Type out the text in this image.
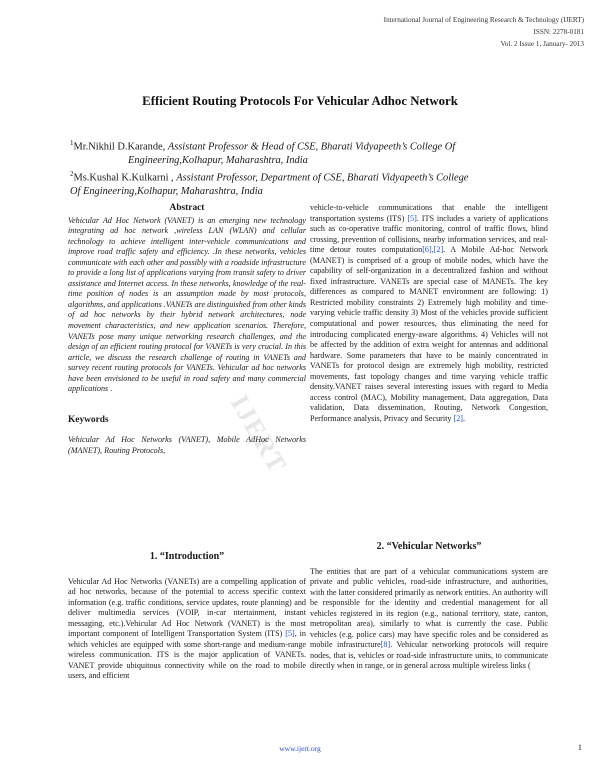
International Journal of Engineering Research & Technology (IJERT)
ISSN: 2278-0181
Vol. 2 Issue 1, January- 2013
Efficient Routing Protocols For Vehicular Adhoc Network
$^1$Mr.Nikhil D.Karande, Assistant Professor & Head of CSE, Bharati Vidyapeeth’s College Of
Engineering,Kolhapur, Maharashtra, India
$^2$Ms.Kushal K.Kulkarni , Assistant Professor, Department of CSE, Bharati Vidyapeeth’s College
Of Engineering,Kolhapur, Maharashtra, India
IJERT
Abstract

Vehicular Ad Hoc Network (VANET) is an emerging new technology integrating ad hoc network ,wireless LAN (WLAN) and cellular technology to achieve intelligent inter-vehicle communications and improve road traffic safety and efficiency. .In these networks, vehicles communicate with each other and possibly with a roadside infrastructure to provide a long list of applications varying from transit safety to driver assistance and Internet access. In these networks, knowledge of the real-time position of nodes is an assumption made by most protocols, algorithms, and applications .VANETs are distinguished from other kinds of ad hoc networks by their hybrid network architectures, node movement characteristics, and new application scenarios. Therefore, VANETs pose many unique networking research challenges, and the design of an efficient routing protocol for VANETs is very crucial. In this article, we discuss the research challenge of routing in VANETs and survey recent routing protocols for VANETs. Vehicular ad hoc networks have been envisioned to be useful in road safety and many commercial applications .

Keywords

Vehicular Ad Hoc Networks (VANET), Mobile AdHoc Networks (MANET), Routing Protocols,

1. “Introduction”

Vehicular Ad Hoc Networks (VANETs) are a compelling application of ad hoc networks, because of the potential to access specific context information (e.g. traffic conditions, service updates, route planning) and deliver multimedia services (VOIP, in-car ntertainment, instant messaging, etc.).Vehicular Ad Hoc Network (VANET) is the most important component of Intelligent Transportation System (ITS) [5], in which vehicles are equipped with some short-range and medium-range wireless communication. ITS is the major application of VANETs. VANET provide ubiquitous connectivity while on the road to mobile users, and efficient

vehicle-to-vehicle communications that enable the intelligent transportation systems (ITS) [5]. ITS includes a variety of applications such as co-operative traffic monitoring, control of traffic flows, blind crossing, prevention of collisions, nearby information services, and real-time detour routes computation[6],[2]. A Mobile Ad-hoc Network (MANET) is comprised of a group of mobile nodes, which have the capability of self-organization in a decentralized fashion and without fixed infrastructure. VANETs are special case of MANETs. The key differences as compared to MANET environment are following: 1) Restricted mobility constraints 2) Extremely high mobility and time-varying vehicle traffic density 3) Most of the vehicles provide sufficient computational and power resources, thus eliminating the need for introducing complicated energy-aware algorithms. 4) Vehicles will not be affected by the addition of extra weight for antennas and additional hardware. Some parameters that have to be mainly concentrated in VANETs for protocol design are extremely high mobility, restricted movements, fast topology changes and time varying vehicle traffic density.VANET raises several interesting issues with regard to Media access control (MAC), Mobility management, Data aggregation, Data validation, Data dissemination, Routing, Network Congestion, Performance analysis, Privacy and Security [2].

2. “Vehicular Networks”

The entities that are part of a vehicular communications system are private and public vehicles, road-side infrastructure, and authorities, with the latter considered primarily as network entities. An authority will be responsible for the identity and credential management for all vehicles registered in its region (e.g., national territory, state, canton, metropolitan area), similarly to what is currently the case. Public vehicles (e.g. police cars) may have specific roles and be considered as mobile infrastructure[8]. Vehicular networking protocols will require nodes, that is, vehicles or road-side infrastructure units, to communicate directly when in range, or in general across multiple wireless links (

www.ijert.org	1
